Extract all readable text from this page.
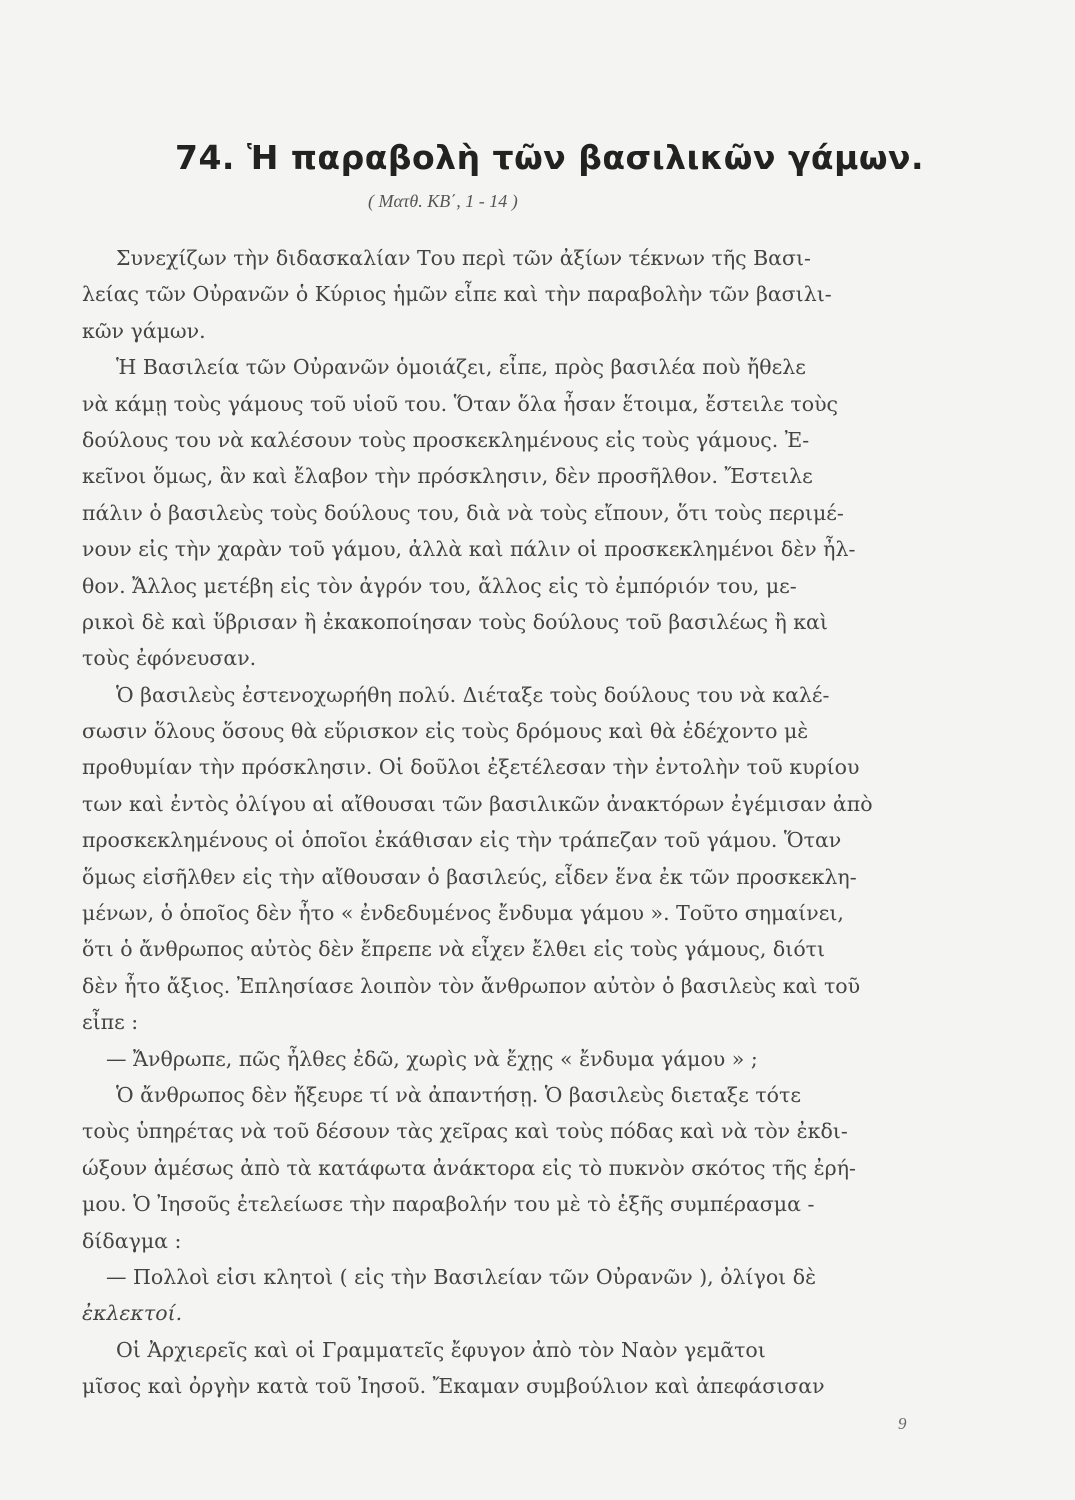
74. Ἡ παραβολὴ τῶν βασιλικῶν γάμων.
( Ματθ. ΚΒ΄, 1 - 14 )
Συνεχίζων τὴν διδασκαλίαν Του περὶ τῶν ἀξίων τέκνων τῆς Βασι-
λείας τῶν Οὐρανῶν ὁ Κύριος ἡμῶν εἶπε καὶ τὴν παραβολὴν τῶν βασιλι-
κῶν γάμων.
Ἡ Βασιλεία τῶν Οὐρανῶν ὁμοιάζει, εἶπε, πρὸς βασιλέα ποὺ ἤθελε
νὰ κάμῃ τοὺς γάμους τοῦ υἱοῦ του. Ὅταν ὅλα ἦσαν ἕτοιμα, ἔστειλε τοὺς
δούλους του νὰ καλέσουν τοὺς προσκεκλημένους εἰς τοὺς γάμους. Ἐ-
κεῖνοι ὅμως, ἂν καὶ ἔλαβον τὴν πρόσκλησιν, δὲν προσῆλθον. Ἔστειλε
πάλιν ὁ βασιλεὺς τοὺς δούλους του, διὰ νὰ τοὺς εἴπουν, ὅτι τοὺς περιμέ-
νουν εἰς τὴν χαρὰν τοῦ γάμου, ἀλλὰ καὶ πάλιν οἱ προσκεκλημένοι δὲν ἦλ-
θον. Ἄλλος μετέβη εἰς τὸν ἀγρόν του, ἄλλος εἰς τὸ ἐμπόριόν του, με-
ρικοὶ δὲ καὶ ὕβρισαν ἢ ἐκακοποίησαν τοὺς δούλους τοῦ βασιλέως ἢ καὶ
τοὺς ἐφόνευσαν.
Ὁ βασιλεὺς ἐστενοχωρήθη πολύ. Διέταξε τοὺς δούλους του νὰ καλέ-
σωσιν ὅλους ὅσους θὰ εὕρισκον εἰς τοὺς δρόμους καὶ θὰ ἐδέχοντο μὲ
προθυμίαν τὴν πρόσκλησιν. Οἱ δοῦλοι ἐξετέλεσαν τὴν ἐντολὴν τοῦ κυρίου
των καὶ ἐντὸς ὀλίγου αἱ αἴθουσαι τῶν βασιλικῶν ἀνακτόρων ἐγέμισαν ἀπὸ
προσκεκλημένους οἱ ὁποῖοι ἐκάθισαν εἰς τὴν τράπεζαν τοῦ γάμου. Ὅταν
ὅμως εἰσῆλθεν εἰς τὴν αἴθουσαν ὁ βασιλεύς, εἶδεν ἕνα ἐκ τῶν προσκεκλη-
μένων, ὁ ὁποῖος δὲν ἦτο « ἐνδεδυμένος ἔνδυμα γάμου ». Τοῦτο σημαίνει,
ὅτι ὁ ἄνθρωπος αὐτὸς δὲν ἔπρεπε νὰ εἶχεν ἔλθει εἰς τοὺς γάμους, διότι
δὲν ἦτο ἄξιος. Ἐπλησίασε λοιπὸν τὸν ἄνθρωπον αὐτὸν ὁ βασιλεὺς καὶ τοῦ
εἶπε :
— Ἄνθρωπε, πῶς ἦλθες ἐδῶ, χωρὶς νὰ ἔχῃς « ἔνδυμα γάμου » ;
Ὁ ἄνθρωπος δὲν ἤξευρε τί νὰ ἀπαντήσῃ. Ὁ βασιλεὺς διεταξε τότε
τοὺς ὑπηρέτας νὰ τοῦ δέσουν τὰς χεῖρας καὶ τοὺς πόδας καὶ νὰ τὸν ἐκδι-
ώξουν ἀμέσως ἀπὸ τὰ κατάφωτα ἀνάκτορα εἰς τὸ πυκνὸν σκότος τῆς ἐρή-
μου. Ὁ Ἰησοῦς ἐτελείωσε τὴν παραβολήν του μὲ τὸ ἑξῆς συμπέρασμα -
δίδαγμα :
— Πολλοὶ εἰσι κλητοὶ ( εἰς τὴν Βασιλείαν τῶν Οὐρανῶν ), ὀλίγοι δὲ
ἐκλεκτοί.
Οἱ Ἀρχιερεῖς καὶ οἱ Γραμματεῖς ἔφυγον ἀπὸ τὸν Ναὸν γεμᾶτοι
μῖσος καὶ ὀργὴν κατὰ τοῦ Ἰησοῦ. Ἔκαμαν συμβούλιον καὶ ἀπεφάσισαν
9
